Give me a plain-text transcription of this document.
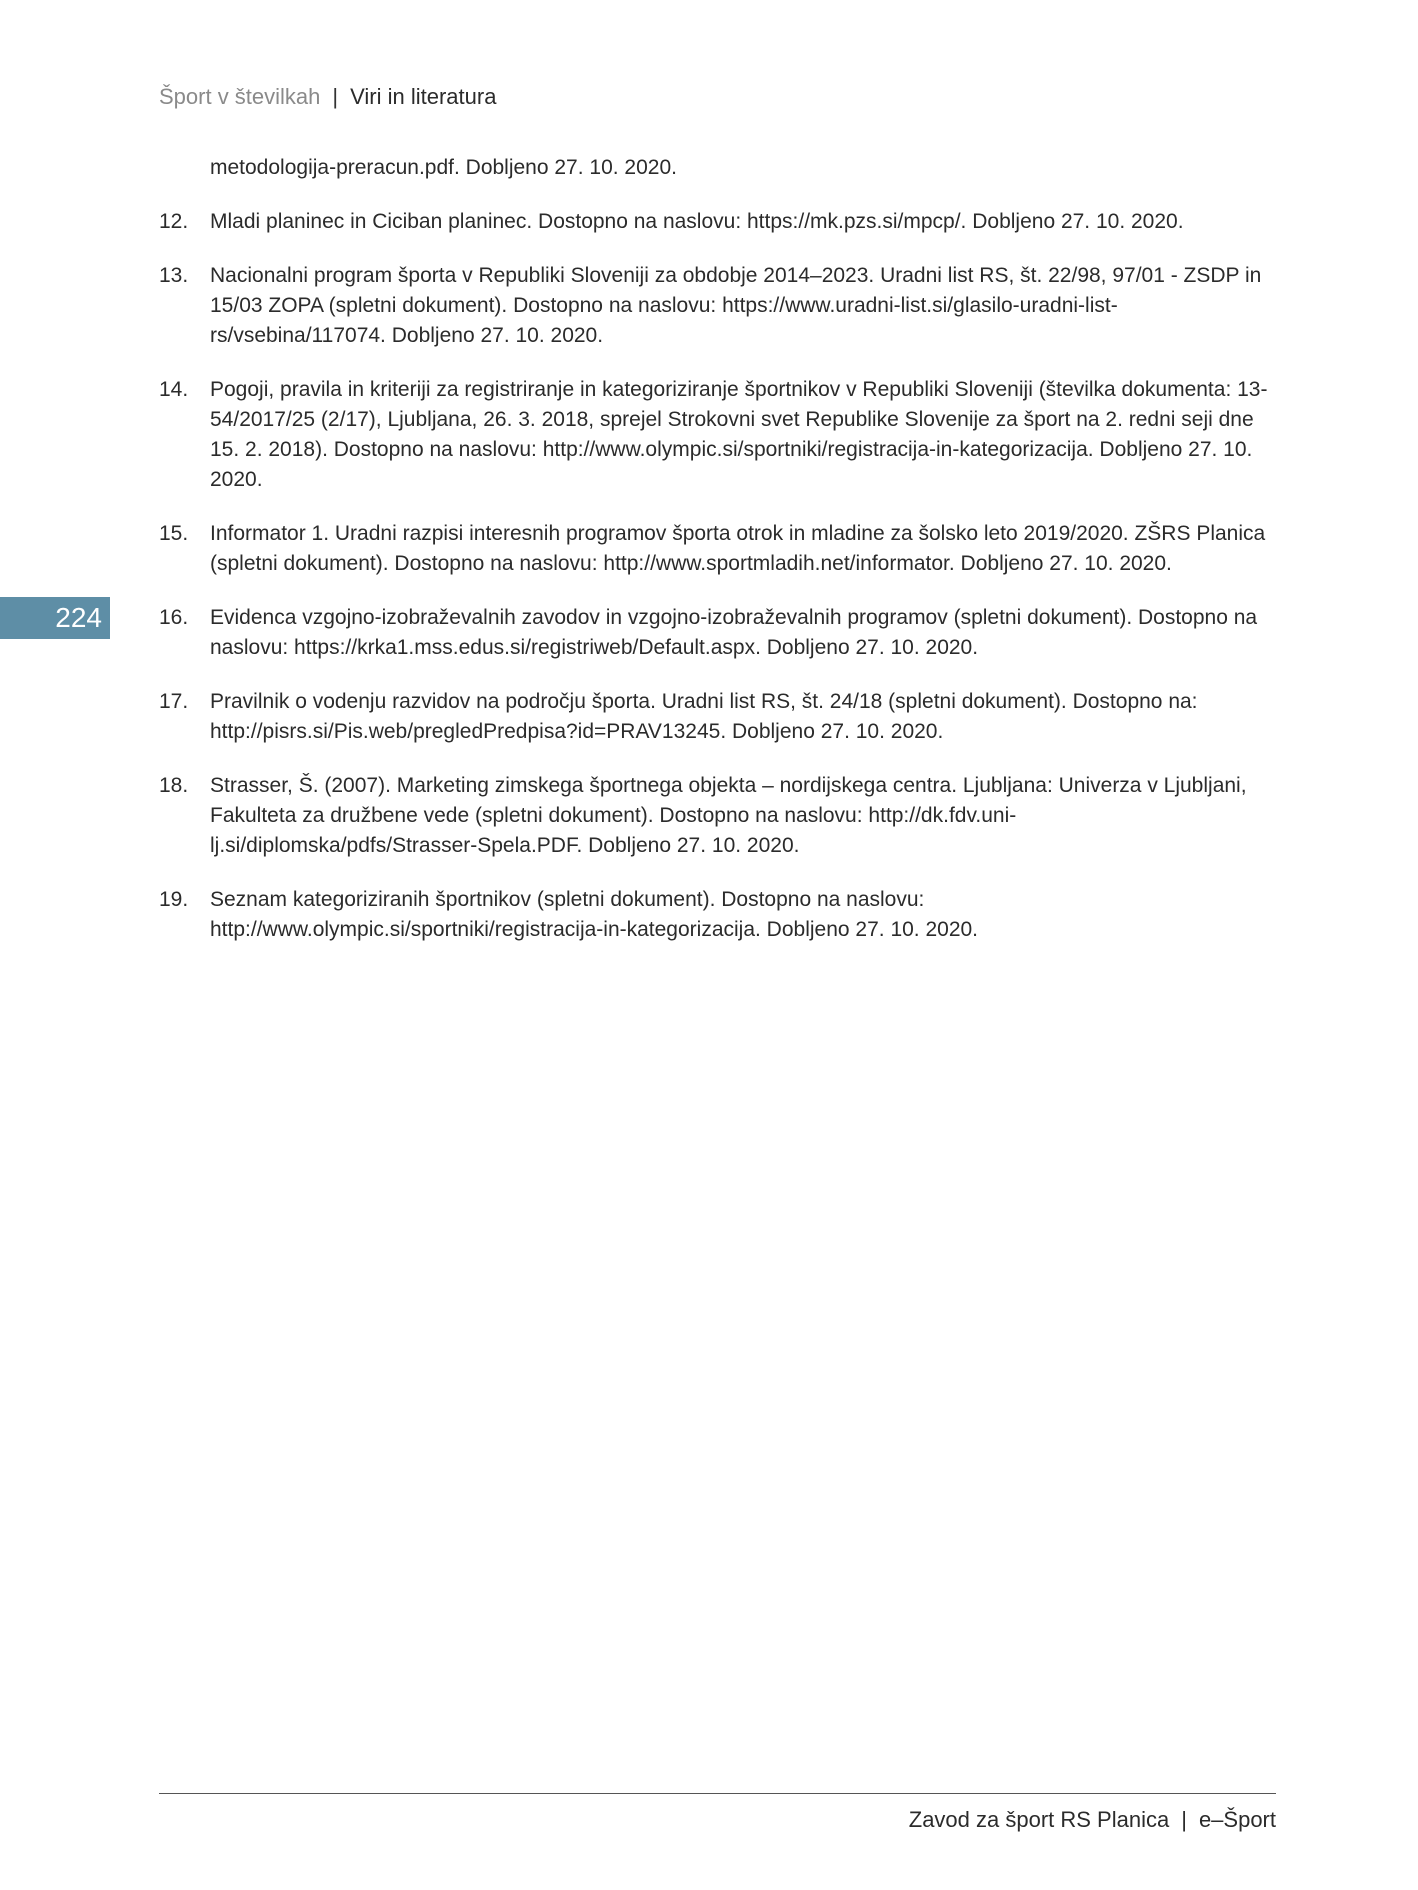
Šport v številkah | Viri in literatura
224

metodologija-preracun.pdf. Dobljeno 27. 10. 2020.

12.	Mladi planinec in Ciciban planinec. Dostopno na naslovu: https://mk.pzs.si/mpcp/. Dobljeno 27. 10. 2020.
13.	Nacionalni program športa v Republiki Sloveniji za obdobje 2014–2023. Uradni list RS, št. 22/98, 97/01 - ZSDP in 15/03 ZOPA (spletni dokument). Dostopno na naslovu: https://www.uradni-list.si/glasilo-uradni-list-rs/vsebina/117074. Dobljeno 27. 10. 2020.
14.	Pogoji, pravila in kriteriji za registriranje in kategoriziranje športnikov v Republiki Sloveniji (številka dokumenta: 13-54/2017/25 (2/17), Ljubljana, 26. 3. 2018, sprejel Strokovni svet Republike Slovenije za šport na 2. redni seji dne 15. 2. 2018). Dostopno na naslovu: http://www.olympic.si/sportniki/registracija-in-kategorizacija. Dobljeno 27. 10. 2020.
15.	Informator 1. Uradni razpisi interesnih programov športa otrok in mladine za šolsko leto 2019/2020. ZŠRS Planica (spletni dokument). Dostopno na naslovu: http://www.sportmladih.net/informator. Dobljeno 27. 10. 2020.
16.	Evidenca vzgojno-izobraževalnih zavodov in vzgojno-izobraževalnih programov (spletni dokument). Dostopno na naslovu: https://krka1.mss.edus.si/registriweb/Default.aspx. Dobljeno 27. 10. 2020.
17.	Pravilnik o vodenju razvidov na področju športa. Uradni list RS, št. 24/18 (spletni dokument). Dostopno na: http://pisrs.si/Pis.web/pregledPredpisa?id=PRAV13245. Dobljeno 27. 10. 2020.
18.	Strasser, Š. (2007). Marketing zimskega športnega objekta – nordijskega centra. Ljubljana: Univerza v Ljubljani, Fakulteta za družbene vede (spletni dokument). Dostopno na naslovu: http://dk.fdv.uni-lj.si/diplomska/pdfs/Strasser-Spela.PDF. Dobljeno 27. 10. 2020.
19.	Seznam kategoriziranih športnikov (spletni dokument). Dostopno na naslovu: http://www.olympic.si/sportniki/registracija-in-kategorizacija. Dobljeno 27. 10. 2020.
Zavod za šport RS Planica | e–Šport
